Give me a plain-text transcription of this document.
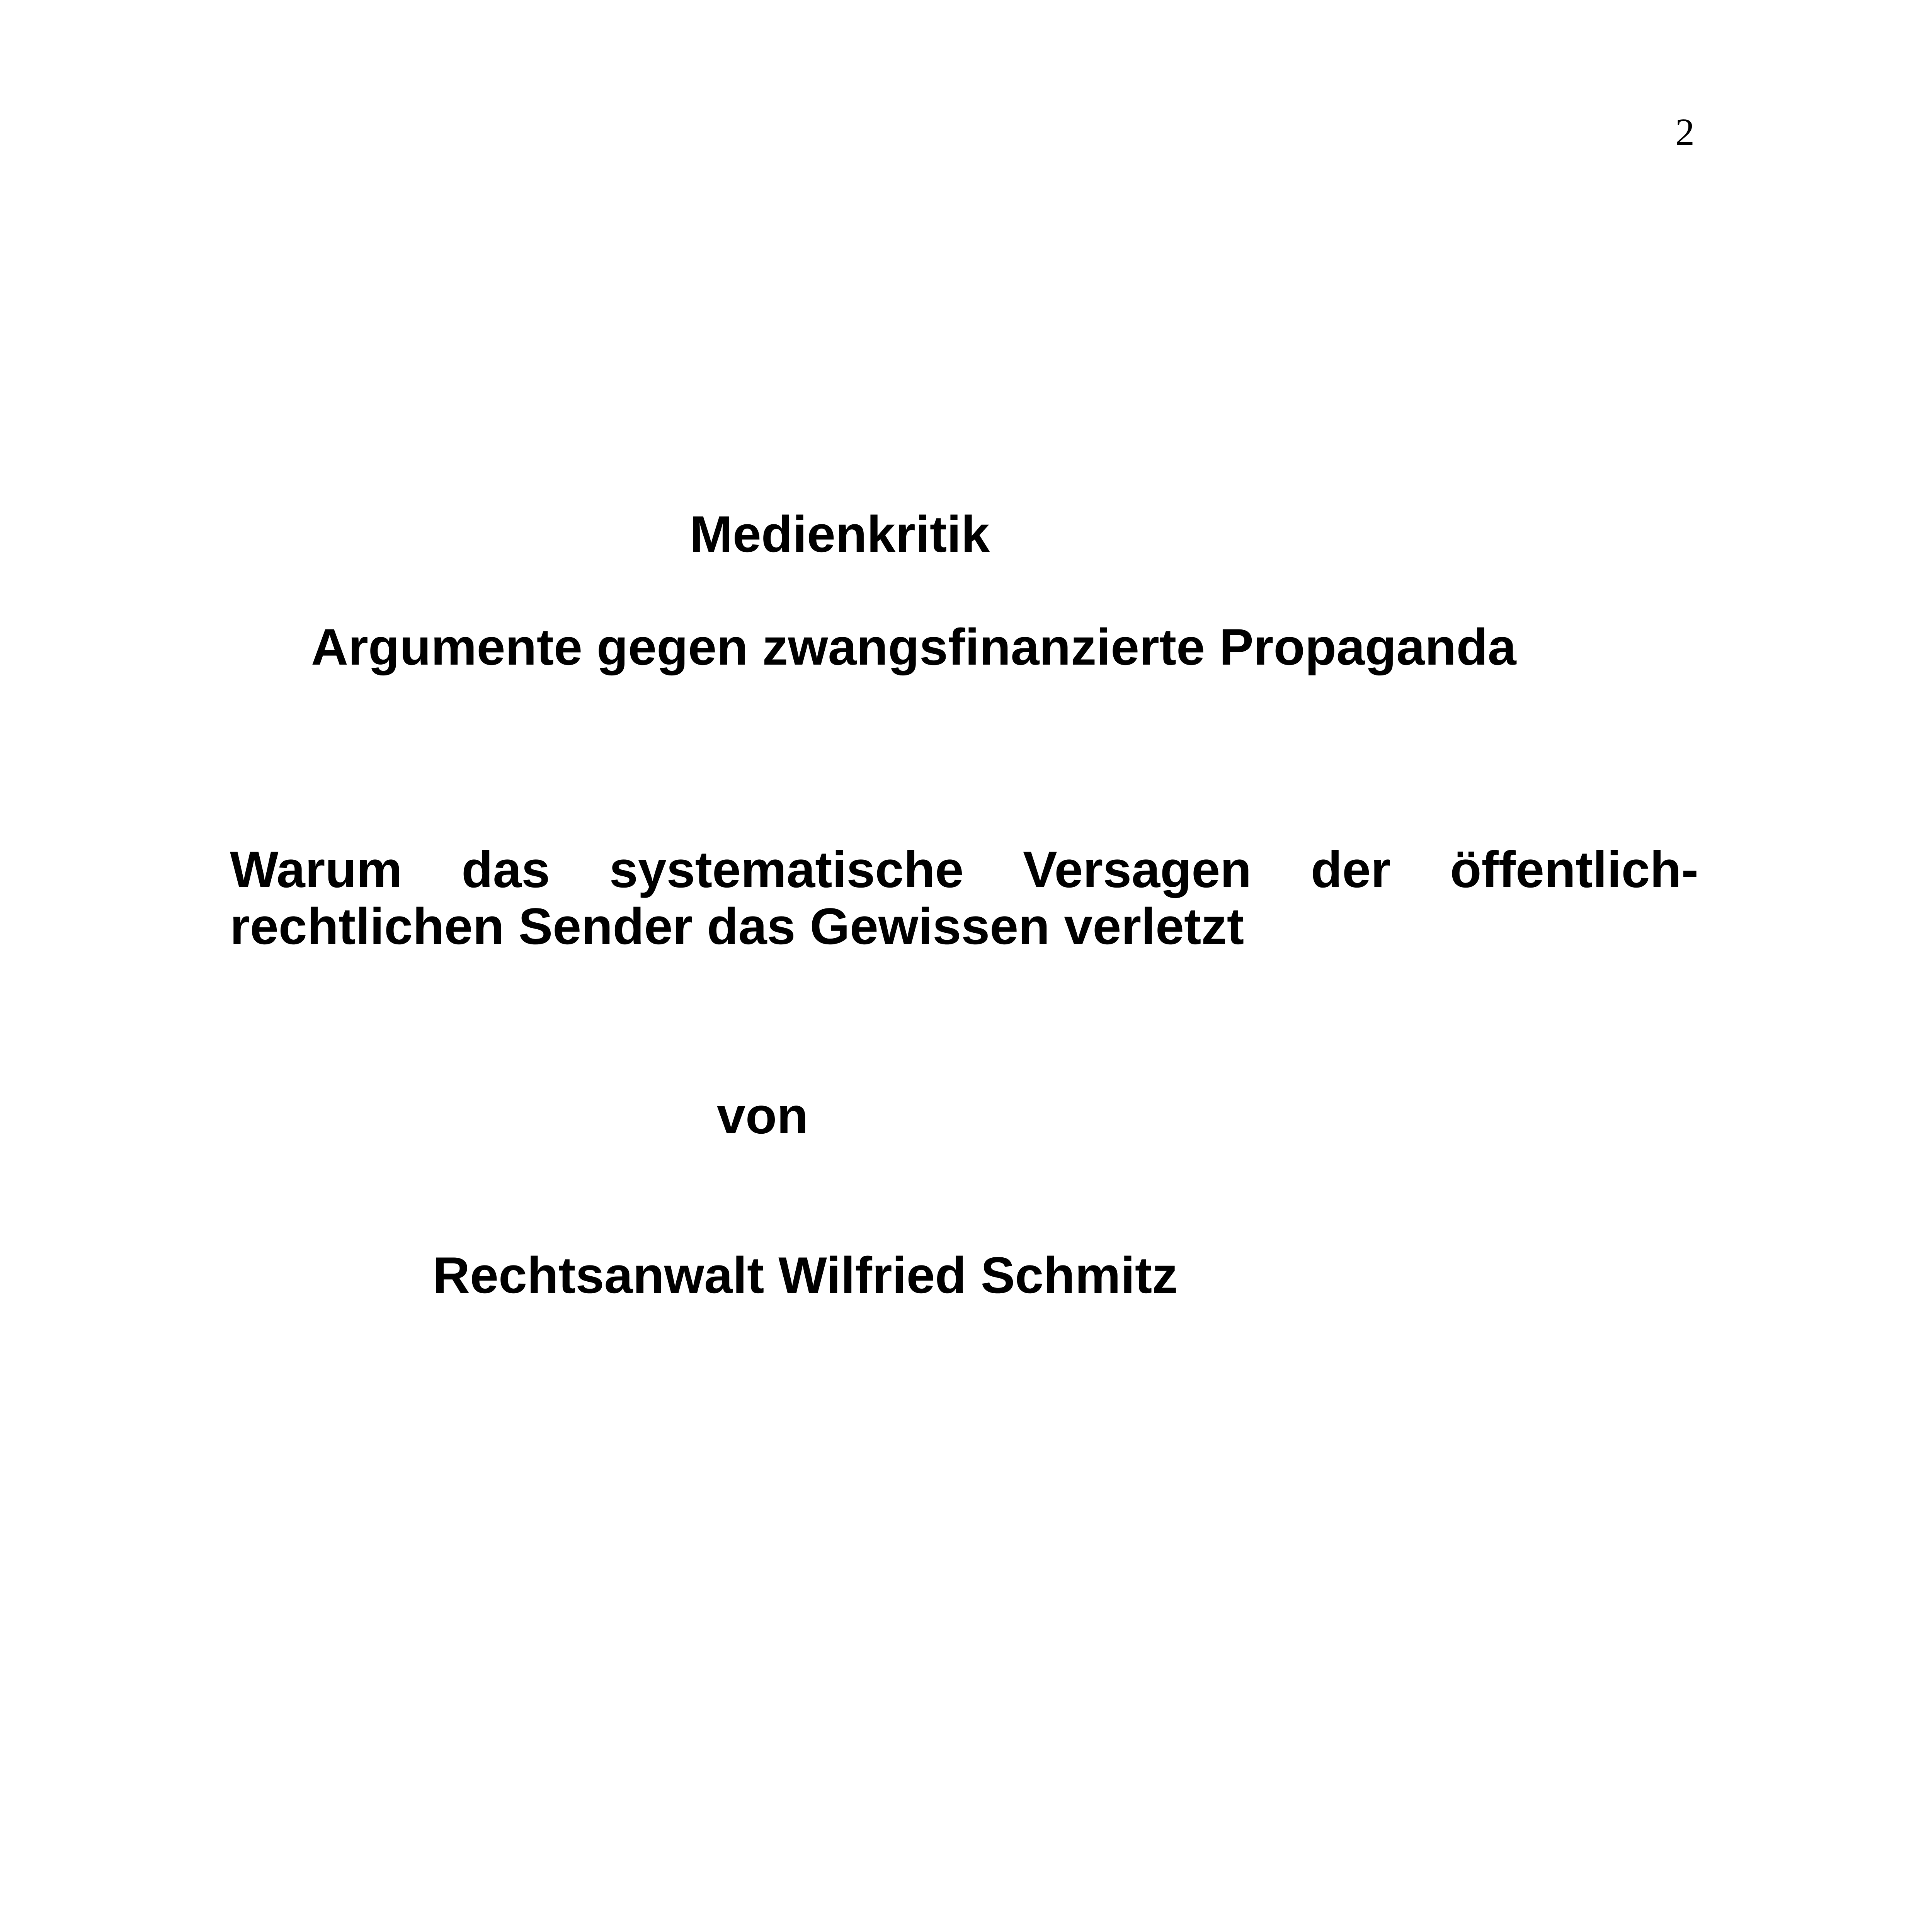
2
Medienkritik
Argumente gegen zwangsfinanzierte Propaganda

Warum das systematische Versagen der öffentlich-rechtlichen Sender das Gewissen verletzt

von
Rechtsanwalt Wilfried Schmitz
